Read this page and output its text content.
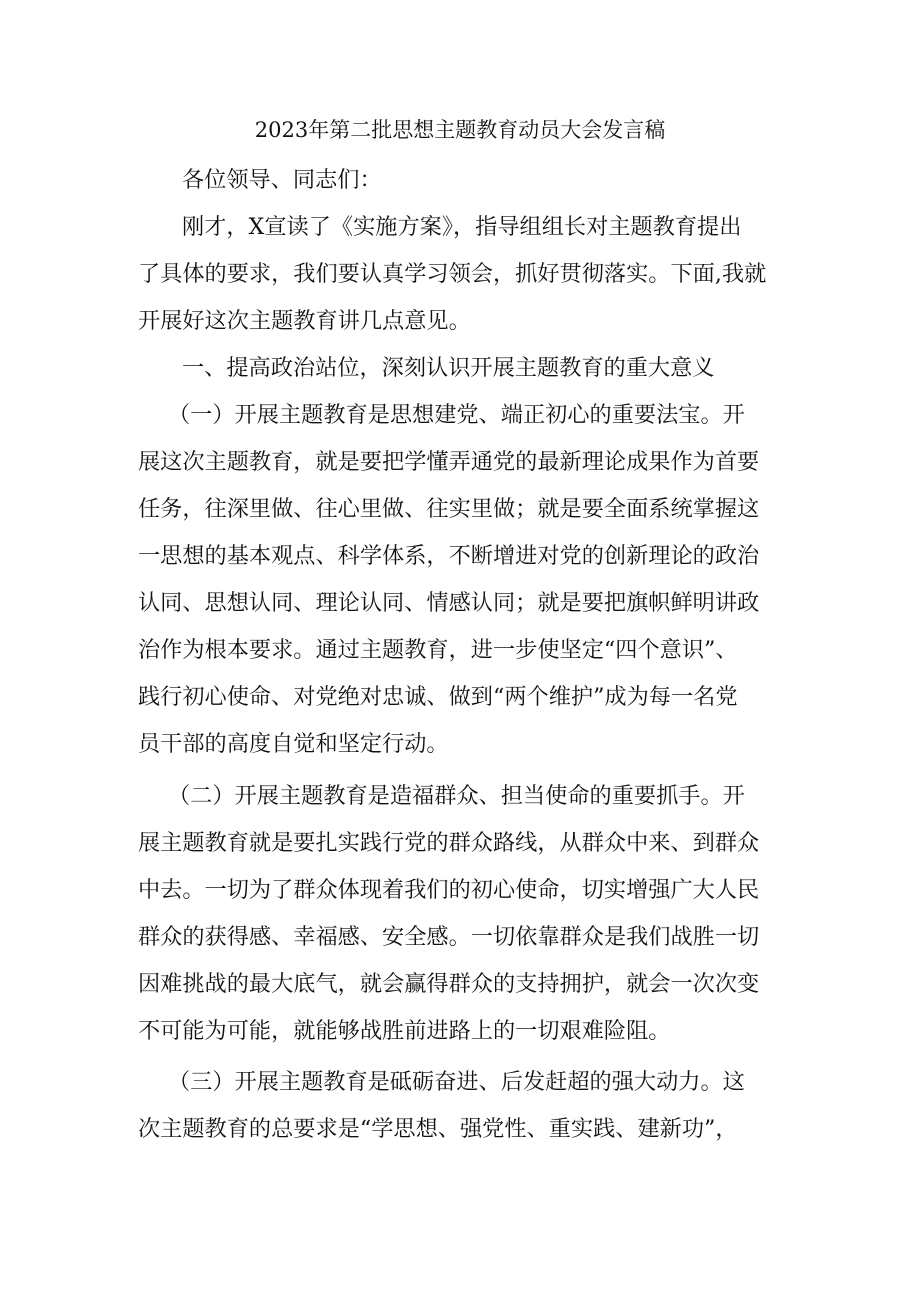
2023年第二批思想主题教育动员大会发言稿
各位领导、同志们：
刚才，X宣读了《实施方案》，指导组组长对主题教育提出
了具体的要求，我们要认真学习领会，抓好贯彻落实。下面,我就
开展好这次主题教育讲几点意见。
一、提高政治站位，深刻认识开展主题教育的重大意义
（一）开展主题教育是思想建党、端正初心的重要法宝。开
展这次主题教育，就是要把学懂弄通党的最新理论成果作为首要
任务，往深里做、往心里做、往实里做；就是要全面系统掌握这
一思想的基本观点、科学体系，不断增进对党的创新理论的政治
认同、思想认同、理论认同、情感认同；就是要把旗帜鲜明讲政
治作为根本要求。通过主题教育，进一步使坚定“四个意识”、
践行初心使命、对党绝对忠诚、做到“两个维护”成为每一名党
员干部的高度自觉和坚定行动。
（二）开展主题教育是造福群众、担当使命的重要抓手。开
展主题教育就是要扎实践行党的群众路线，从群众中来、到群众
中去。一切为了群众体现着我们的初心使命，切实增强广大人民
群众的获得感、幸福感、安全感。一切依靠群众是我们战胜一切
因难挑战的最大底气，就会赢得群众的支持拥护，就会一次次变
不可能为可能，就能够战胜前进路上的一切艰难险阻。
（三）开展主题教育是砥砺奋进、后发赶超的强大动力。这
次主题教育的总要求是“学思想、强党性、重实践、建新功”，
